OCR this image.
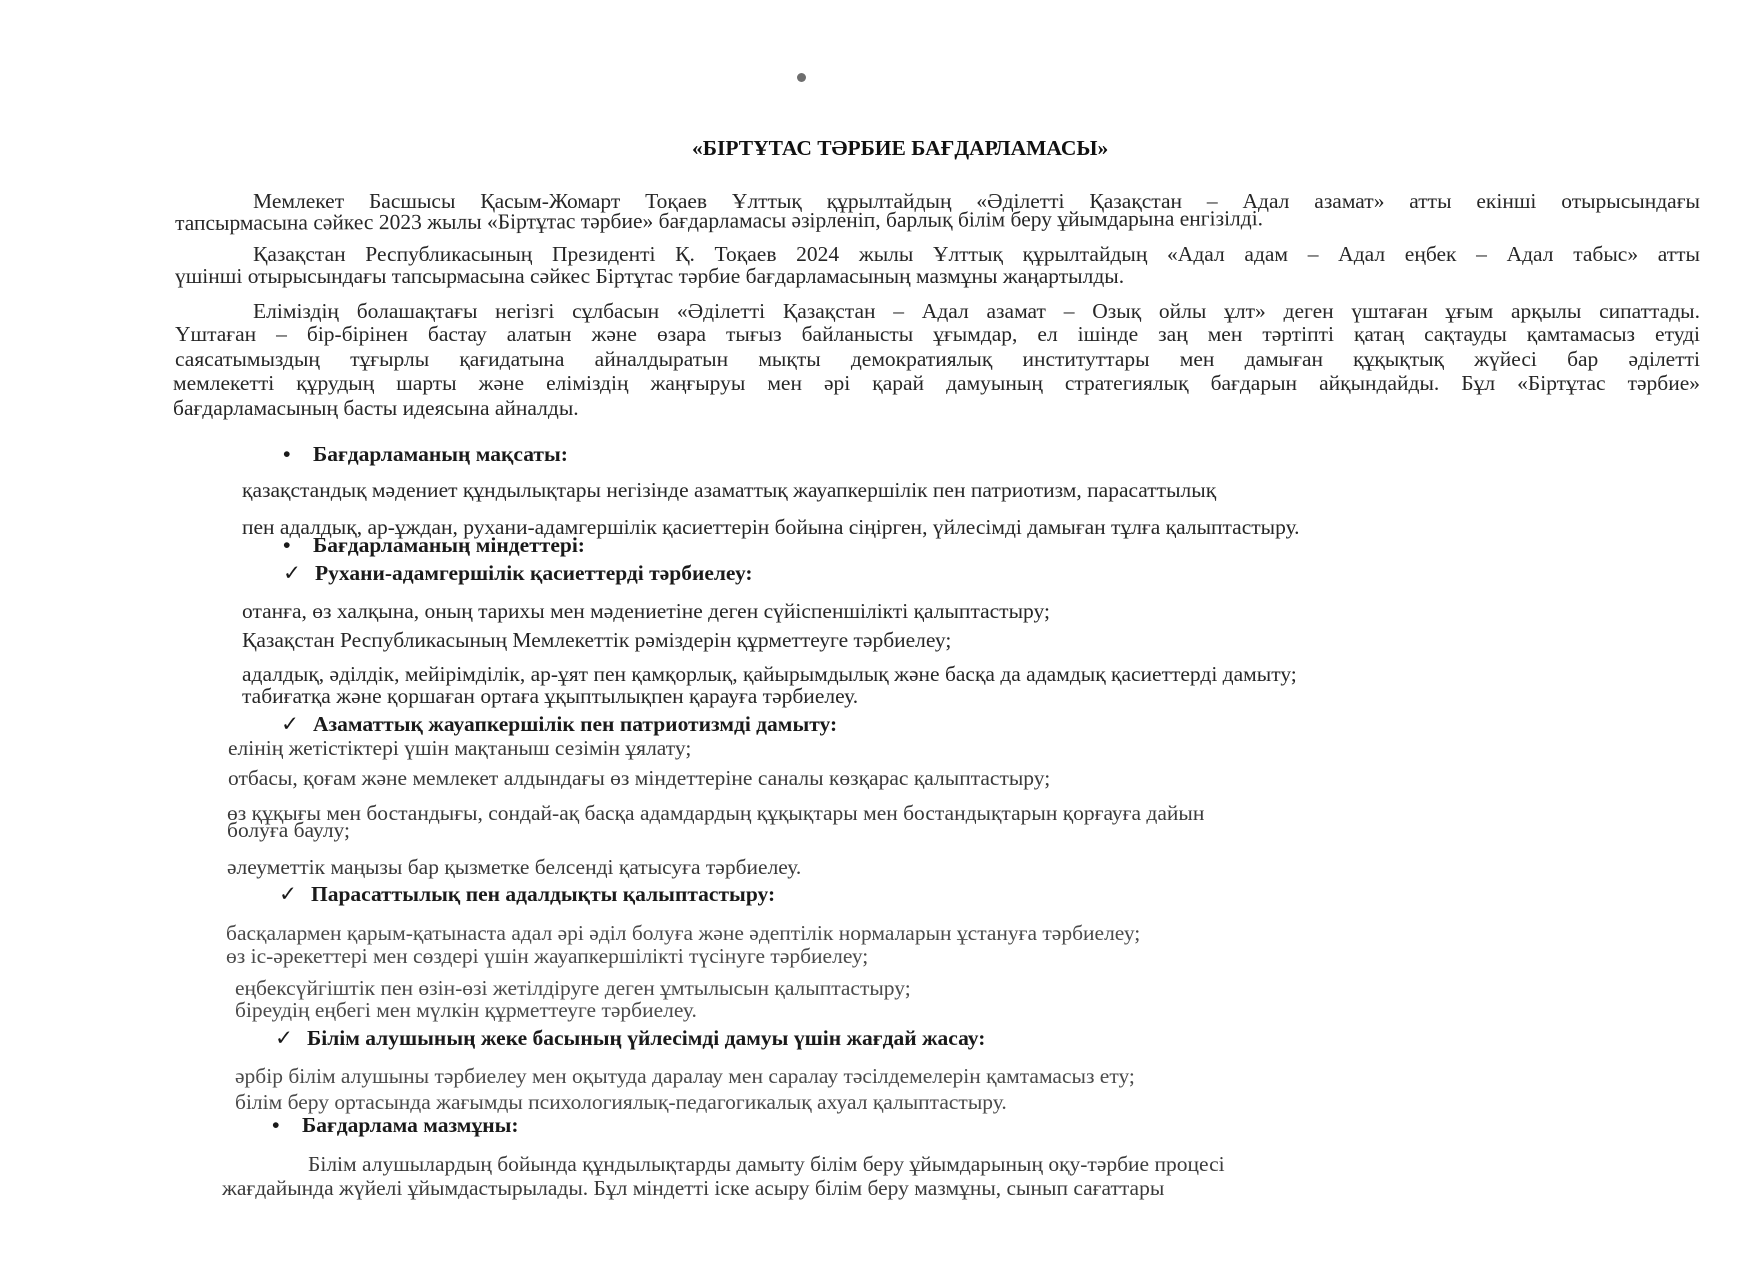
«БІРТҰТАС ТӘРБИЕ БАҒДАРЛАМАСЫ»
Мемлекет Басшысы Қасым-Жомарт Тоқаев Ұлттық құрылтайдың «Әділетті Қазақстан – Адал азамат» атты екінші отырысындағы
тапсырмасына сәйкес 2023 жылы «Біртұтас тәрбие» бағдарламасы әзірленіп, барлық білім беру ұйымдарына енгізілді.
Қазақстан Республикасының Президенті Қ. Тоқаев 2024 жылы Ұлттық құрылтайдың «Адал адам – Адал еңбек – Адал табыс» атты
үшінші отырысындағы тапсырмасына сәйкес Біртұтас тәрбие бағдарламасының мазмұны жаңартылды.
Еліміздің болашақтағы негізгі сұлбасын «Әділетті Қазақстан – Адал азамат – Озық ойлы ұлт» деген үштаған ұғым арқылы сипаттады.
Үштаған – бір-бірінен бастау алатын және өзара тығыз байланысты ұғымдар, ел ішінде заң мен тәртіпті қатаң сақтауды қамтамасыз етуді
саясатымыздың тұғырлы қағидатына айналдыратын мықты демократиялық институттары мен дамыған құқықтық жүйесі бар әділетті
мемлекетті құрудың шарты және еліміздің жаңғыруы мен әрі қарай дамуының стратегиялық бағдарын айқындайды. Бұл «Біртұтас тәрбие»
бағдарламасының басты идеясына айналды.
• Бағдарламаның мақсаты:
қазақстандық мәдениет құндылықтары негізінде азаматтық жауапкершілік пен патриотизм, парасаттылық
пен адалдық, ар-ұждан, рухани-адамгершілік қасиеттерін бойына сіңірген, үйлесімді дамыған тұлға қалыптастыру.
• Бағдарламаның міндеттері:
✓ Рухани-адамгершілік қасиеттерді тәрбиелеу:
отанға, өз халқына, оның тарихы мен мәдениетіне деген сүйіспеншілікті қалыптастыру;
Қазақстан Республикасының Мемлекеттік рәміздерін құрметтеуге тәрбиелеу;
адалдық, әділдік, мейірімділік, ар-ұят пен қамқорлық, қайырымдылық және басқа да адамдық қасиеттерді дамыту;
табиғатқа және қоршаған ортаға ұқыптылықпен қарауға тәрбиелеу.
✓ Азаматтық жауапкершілік пен патриотизмді дамыту:
елінің жетістіктері үшін мақтаныш сезімін ұялату;
отбасы, қоғам және мемлекет алдындағы өз міндеттеріне саналы көзқарас қалыптастыру;
өз құқығы мен бостандығы, сондай-ақ басқа адамдардың құқықтары мен бостандықтарын қорғауға дайын
болуға баулу;
әлеуметтік маңызы бар қызметке белсенді қатысуға тәрбиелеу.
✓ Парасаттылық пен адалдықты қалыптастыру:
басқалармен қарым-қатынаста адал әрі әділ болуға және әдептілік нормаларын ұстануға тәрбиелеу;
өз іс-әрекеттері мен сөздері үшін жауапкершілікті түсінуге тәрбиелеу;
еңбексүйгіштік пен өзін-өзі жетілдіруге деген ұмтылысын қалыптастыру;
біреудің еңбегі мен мүлкін құрметтеуге тәрбиелеу.
✓ Білім алушының жеке басының үйлесімді дамуы үшін жағдай жасау:
әрбір білім алушыны тәрбиелеу мен оқытуда даралау мен саралау тәсілдемелерін қамтамасыз ету;
білім беру ортасында жағымды психологиялық-педагогикалық ахуал қалыптастыру.
• Бағдарлама мазмұны:
Білім алушылардың бойында құндылықтарды дамыту білім беру ұйымдарының оқу-тәрбие процесі
жағдайында жүйелі ұйымдастырылады. Бұл міндетті іске асыру білім беру мазмұны, сынып сағаттары
